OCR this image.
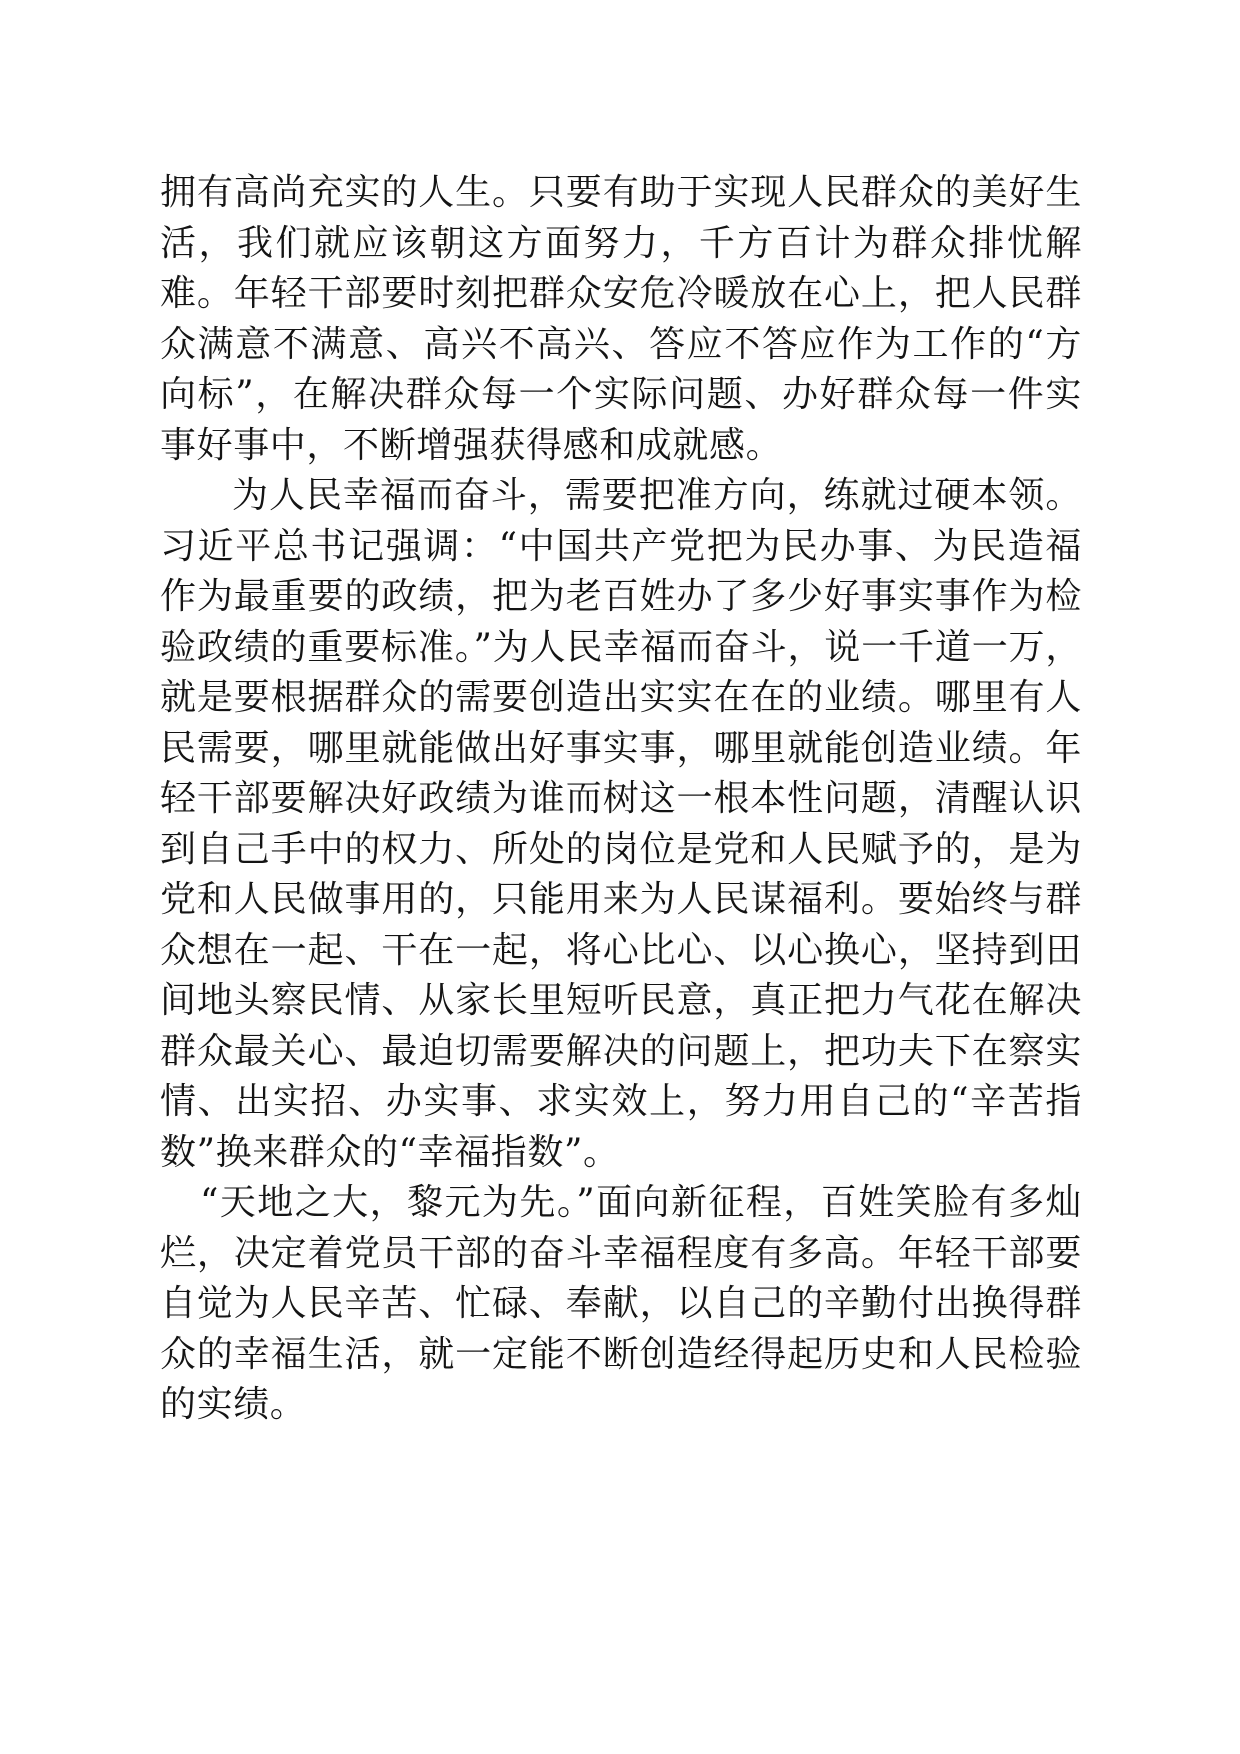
拥有高尚充实的人生。只要有助于实现人民群众的美好生活，我们就应该朝这方面努力，千方百计为群众排忧解难。年轻干部要时刻把群众安危冷暖放在心上，把人民群众满意不满意、高兴不高兴、答应不答应作为工作的“方向标”，在解决群众每一个实际问题、办好群众每一件实事好事中，不断增强获得感和成就感。

为人民幸福而奋斗，需要把准方向，练就过硬本领。习近平总书记强调：“中国共产党把为民办事、为民造福作为最重要的政绩，把为老百姓办了多少好事实事作为检验政绩的重要标准。”为人民幸福而奋斗，说一千道一万，就是要根据群众的需要创造出实实在在的业绩。哪里有人民需要，哪里就能做出好事实事，哪里就能创造业绩。年轻干部要解决好政绩为谁而树这一根本性问题，清醒认识到自己手中的权力、所处的岗位是党和人民赋予的，是为党和人民做事用的，只能用来为人民谋福利。要始终与群众想在一起、干在一起，将心比心、以心换心，坚持到田间地头察民情、从家长里短听民意，真正把力气花在解决群众最关心、最迫切需要解决的问题上，把功夫下在察实情、出实招、办实事、求实效上，努力用自己的“辛苦指数”换来群众的“幸福指数”。

“天地之大，黎元为先。”面向新征程，百姓笑脸有多灿烂，决定着党员干部的奋斗幸福程度有多高。年轻干部要自觉为人民辛苦、忙碌、奉献，以自己的辛勤付出换得群众的幸福生活，就一定能不断创造经得起历史和人民检验的实绩。
